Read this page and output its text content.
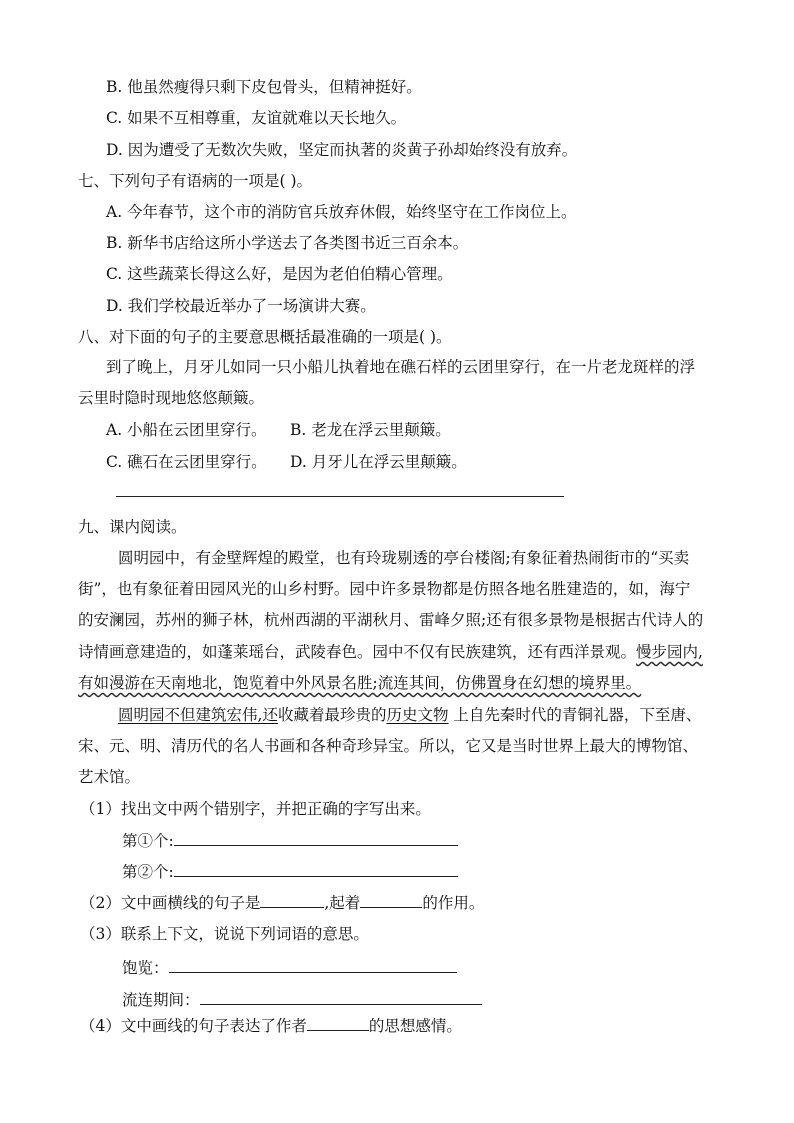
B. 他虽然瘦得只剩下皮包骨头，但精神挺好。
C. 如果不互相尊重，友谊就难以天长地久。
D. 因为遭受了无数次失败，坚定而执著的炎黄子孙却始终没有放弃。
七、下列句子有语病的一项是( )。
A. 今年春节，这个市的消防官兵放弃休假，始终坚守在工作岗位上。
B. 新华书店给这所小学送去了各类图书近三百余本。
C. 这些蔬菜长得这么好，是因为老伯伯精心管理。
D. 我们学校最近举办了一场演讲大赛。
八、对下面的句子的主要意思概括最准确的一项是( )。
到了晚上，月牙儿如同一只小船儿执着地在礁石样的云团里穿行，在一片老龙斑样的浮
云里时隐时现地悠悠颠簸。
A. 小船在云团里穿行。 B. 老龙在浮云里颠簸。
C. 礁石在云团里穿行。 D. 月牙儿在浮云里颠簸。
九、课内阅读。
圆明园中，有金壁辉煌的殿堂，也有玲珑剔透的亭台楼阁;有象征着热闹街市的“买卖
街”，也有象征着田园风光的山乡村野。园中许多景物都是仿照各地名胜建造的，如，海宁
的安澜园，苏州的狮子林，杭州西湖的平湖秋月、雷峰夕照;还有很多景物是根据古代诗人的
诗情画意建造的，如蓬莱瑶台，武陵春色。园中不仅有民族建筑，还有西洋景观。慢步园内,
有如漫游在天南地北，饱览着中外风景名胜;流连其间，仿佛置身在幻想的境界里。
圆明园不但建筑宏伟,还收藏着最珍贵的历史文物 上自先秦时代的青铜礼器，下至唐、
宋、元、明、清历代的名人书画和各种奇珍异宝。所以，它又是当时世界上最大的博物馆、
艺术馆。
（1）找出文中两个错别字，并把正确的字写出来。
第①个:
第②个:
（2）文中画横线的句子是	,起着	的作用。
（3）联系上下文，说说下列词语的意思。
饱览：
流连期间：
（4）文中画线的句子表达了作者	的思想感情。
